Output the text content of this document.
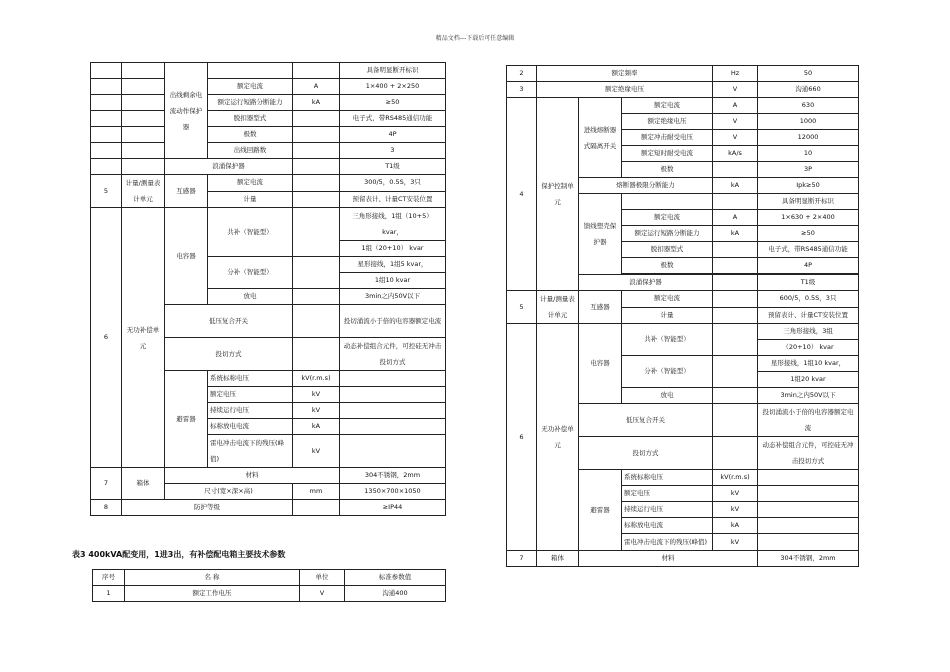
精品文档---下载后可任意编辑
		出线剩余电流动作保护器			具备明显断开标识	
			额定电流	A	1×400 + 2×250	
			额定运行短路分断能力	kA	≥50	
			脱扣器型式		电子式，带RS485通信功能	
			极数		4P	
			出线回路数		3	
		浪涌保护器			T1级	
5	计量/测量表计单元	互感器	额定电流		300/5，0.5S，3只	
			计量		预留表计、计量CT安装位置	
6	无功补偿单元	电容器	共补（智能型）		三角形接线，1组（10+5）kvar，	
					1组（20+10） kvar	
			分补（智能型）		星形接线，1组5 kvar，	
					1组10 kvar	
			放电		3min之内50V以下	
		低压复合开关			投切涌流小于倍的电容器额定电流	
		投切方式			动态补偿组合元件，可控硅无冲击投切方式	
		避雷器	系统标称电压	kV(r.m.s)		
			额定电压	kV		
			持续运行电压	kV		
			标称放电电流	kA		
			雷电冲击电流下的残压(峰值)	kV		

7	箱体	材料			304不锈钢，2mm	
		尺寸(宽×深×高)		mm	1350×700×1050	
8	防护等级				≥IP44	
表3 400kVA配变用，1进3出，有补偿配电箱主要技术参数
序号	名 称	单位	标准参数值
1	额定工作电压	V	沟通400
2	额定频率			Hz	50	
3	额定绝缘电压			V	沟通660	
4	保护控制单元	进线熔断器式隔离开关	额定电流	A	630	
			额定绝缘电压	V	1000	
			额定冲击耐受电压	V	12000	
			额定短时耐受电流	kA/s	10	
			极数		3P	
		熔断器极限分断能力		kA	Ipk≥50	
		馈线塑壳保护器			具备明显断开标识	
			额定电流	A	1×630 + 2×400	
			额定运行短路分断能力	kA	≥50	
			脱扣器型式		电子式，带RS485通信功能	
			极数		4P	

		浪涌保护器			T1级	
5	计量/测量表计单元	互感器	额定电流		600/5，0.5S，3只	
			计量		预留表计、计量CT安装位置	
6	无功补偿单元	电容器	共补（智能型）		三角形接线，3组	
					（20+10） kvar	
			分补（智能型）		星形接线，1组10 kvar，	
					1组20 kvar	
			放电		3min之内50V以下	
		低压复合开关			投切涌流小于倍的电容器额定电流	
		投切方式			动态补偿组合元件，可控硅无冲击投切方式	
		避雷器	系统标称电压	kV(r.m.s)		
			额定电压	kV		
			持续运行电压	kV		
			标称放电电流	kA		
			雷电冲击电流下的残压(峰值)	kV		

7	箱体	材料			304不锈钢，2mm	
